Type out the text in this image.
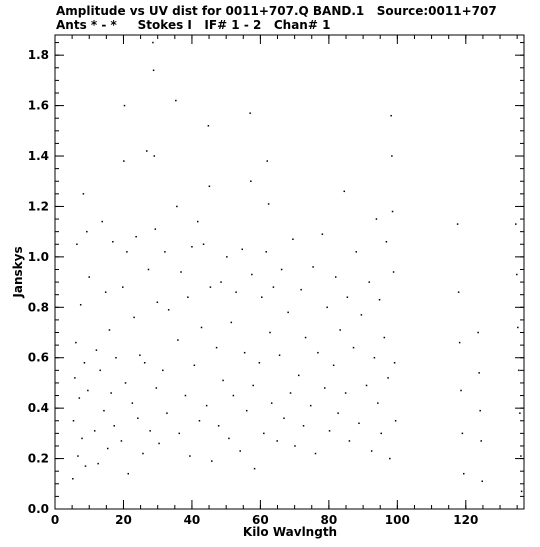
Amplitude vs UV dist for 0011+707.Q BAND.1   Source:0011+707
Ants * - *     Stokes I   IF# 1 - 2   Chan# 1
0	20	40	60	80	100	120
0.0
0.2
0.4
0.6
0.8
1.0
1.2
1.4
1.6
1.8
Kilo Wavlngth
Janskys
